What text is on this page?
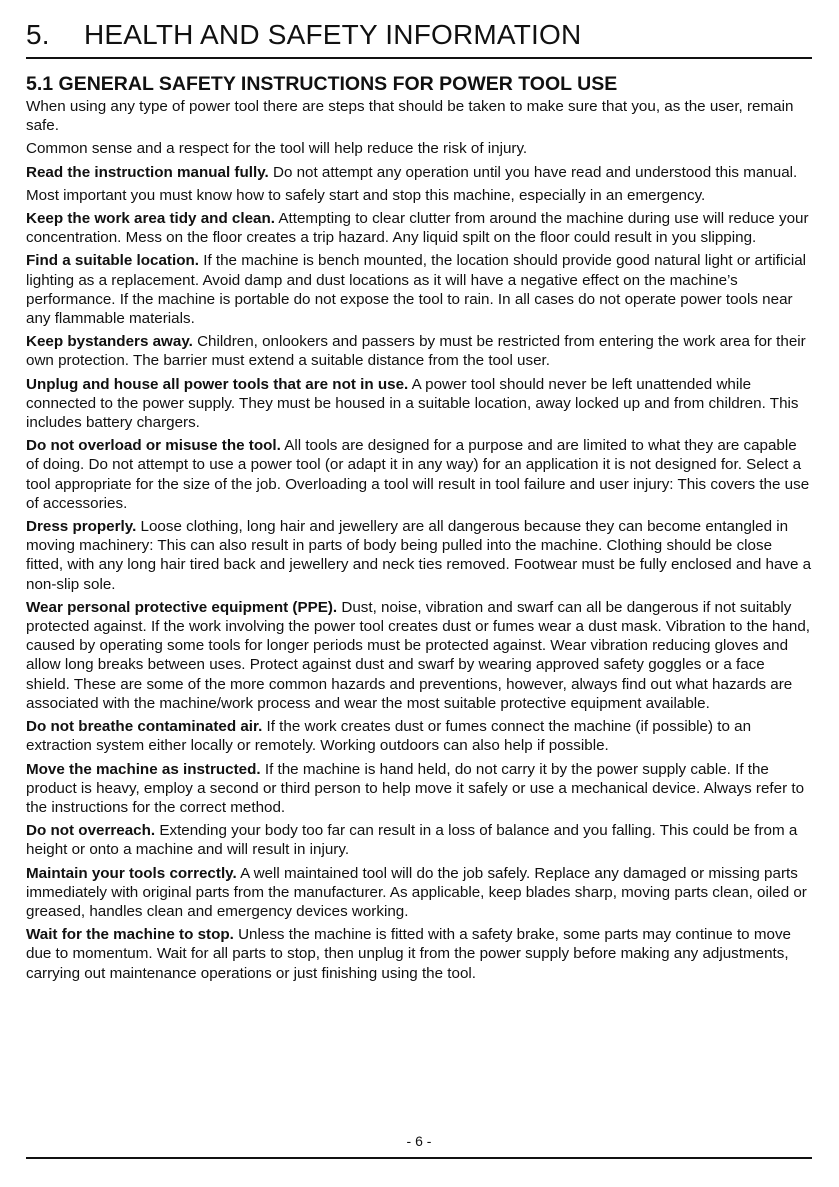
5. HEALTH AND SAFETY INFORMATION
5.1 GENERAL SAFETY INSTRUCTIONS FOR POWER TOOL USE

When using any type of power tool there are steps that should be taken to make sure that you, as the user, remain safe.

Common sense and a respect for the tool will help reduce the risk of injury.

Read the instruction manual fully. Do not attempt any operation until you have read and understood this manual.

Most important you must know how to safely start and stop this machine, especially in an emergency.

Keep the work area tidy and clean. Attempting to clear clutter from around the machine during use will reduce your concentration. Mess on the floor creates a trip hazard. Any liquid spilt on the floor could result in you slipping.

Find a suitable location. If the machine is bench mounted, the location should provide good natural light or artificial lighting as a replacement. Avoid damp and dust locations as it will have a negative effect on the machine’s performance. If the machine is portable do not expose the tool to rain. In all cases do not operate power tools near any flammable materials.

Keep bystanders away. Children, onlookers and passers by must be restricted from entering the work area for their own protection. The barrier must extend a suitable distance from the tool user.

Unplug and house all power tools that are not in use. A power tool should never be left unattended while connected to the power supply. They must be housed in a suitable location, away locked up and from children. This includes battery chargers.

Do not overload or misuse the tool. All tools are designed for a purpose and are limited to what they are capable of doing. Do not attempt to use a power tool (or adapt it in any way) for an application it is not designed for. Select a tool appropriate for the size of the job. Overloading a tool will result in tool failure and user injury: This covers the use of accessories.

Dress properly. Loose clothing, long hair and jewellery are all dangerous because they can become entangled in moving machinery: This can also result in parts of body being pulled into the machine. Clothing should be close fitted, with any long hair tired back and jewellery and neck ties removed. Footwear must be fully enclosed and have a non-slip sole.

Wear personal protective equipment (PPE). Dust, noise, vibration and swarf can all be dangerous if not suitably protected against. If the work involving the power tool creates dust or fumes wear a dust mask. Vibration to the hand, caused by operating some tools for longer periods must be protected against. Wear vibration reducing gloves and allow long breaks between uses. Protect against dust and swarf by wearing approved safety goggles or a face shield. These are some of the more common hazards and preventions, however, always find out what hazards are associated with the machine/work process and wear the most suitable protective equipment available.

Do not breathe contaminated air. If the work creates dust or fumes connect the machine (if possible) to an extraction system either locally or remotely. Working outdoors can also help if possible.

Move the machine as instructed. If the machine is hand held, do not carry it by the power supply cable. If the product is heavy, employ a second or third person to help move it safely or use a mechanical device. Always refer to the instructions for the correct method.

Do not overreach. Extending your body too far can result in a loss of balance and you falling. This could be from a height or onto a machine and will result in injury.

Maintain your tools correctly. A well maintained tool will do the job safely. Replace any damaged or missing parts immediately with original parts from the manufacturer. As applicable, keep blades sharp, moving parts clean, oiled or greased, handles clean and emergency devices working.

Wait for the machine to stop. Unless the machine is fitted with a safety brake, some parts may continue to move due to momentum. Wait for all parts to stop, then unplug it from the power supply before making any adjustments, carrying out maintenance operations or just finishing using the tool.

- 6 -
